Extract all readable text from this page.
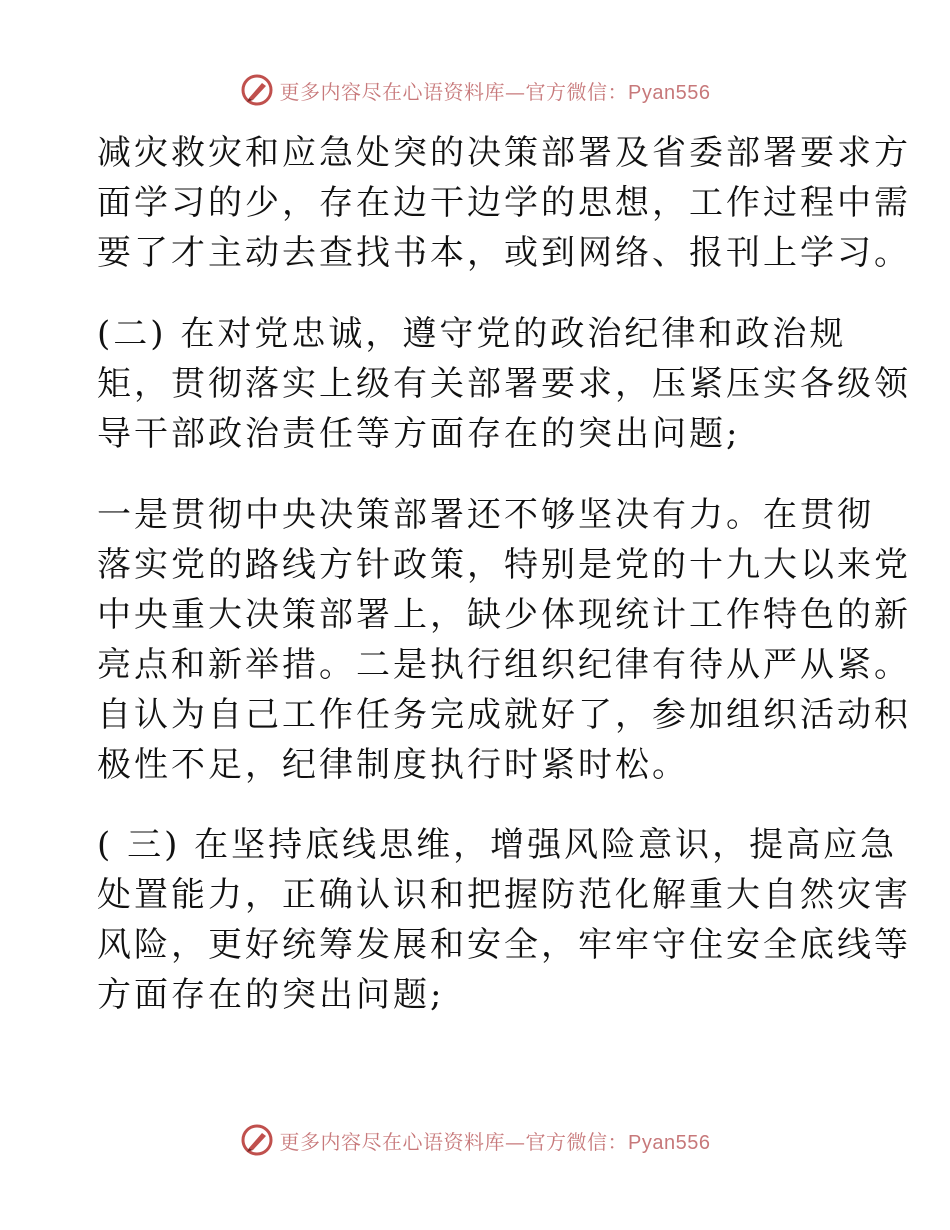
更多内容尽在心语资料库—官方微信：Pyan556

减灾救灾和应急处突的决策部署及省委部署要求方
面学习的少，存在边干边学的思想，工作过程中需
要了才主动去查找书本，或到网络、报刊上学习。

(二) 在对党忠诚，遵守党的政治纪律和政治规
矩，贯彻落实上级有关部署要求，压紧压实各级领
导干部政治责任等方面存在的突出问题;

一是贯彻中央决策部署还不够坚决有力。在贯彻
落实党的路线方针政策，特别是党的十九大以来党
中央重大决策部署上，缺少体现统计工作特色的新
亮点和新举措。二是执行组织纪律有待从严从紧。
自认为自己工作任务完成就好了，参加组织活动积
极性不足，纪律制度执行时紧时松。

( 三) 在坚持底线思维，增强风险意识，提高应急
处置能力，正确认识和把握防范化解重大自然灾害
风险，更好统筹发展和安全，牢牢守住安全底线等
方面存在的突出问题;

更多内容尽在心语资料库—官方微信：Pyan556
